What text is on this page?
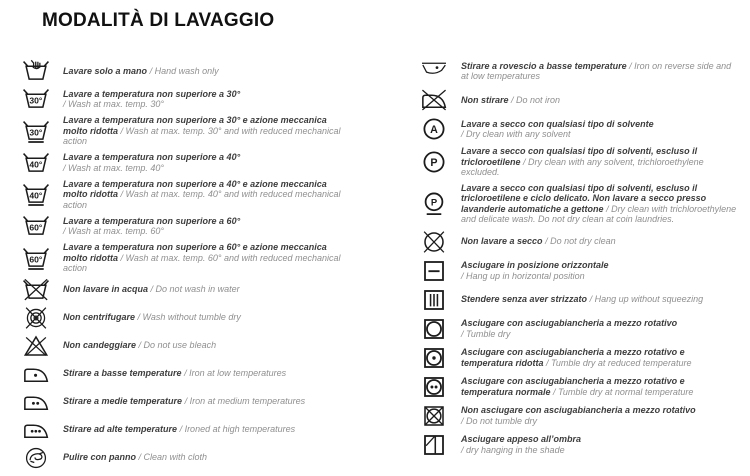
MODALITÀ DI LAVAGGIO

Lavare solo a mano / Hand wash only

Lavare a temperatura non superiore a 30°
/ Wash at max. temp. 30°

Lavare a temperatura non superiore a 30° e azione meccanica molto ridotta / Wash at max. temp. 30° and with reduced mechanical action

Lavare a temperatura non superiore a 40°
/ Wash at max. temp. 40°

Lavare a temperatura non superiore a 40° e azione meccanica molto ridotta / Wash at max. temp. 40° and with reduced mechanical action

Lavare a temperatura non superiore a 60°
/ Wash at max. temp. 60°

Lavare a temperatura non superiore a 60° e azione meccanica molto ridotta / Wash at max. temp. 60° and with reduced mechanical action

Non lavare in acqua / Do not wash in water

Non centrifugare / Wash without tumble dry

Non candeggiare / Do not use bleach

Stirare a basse temperature / Iron at low temperatures

Stirare a medie temperature / Iron at medium temperatures

Stirare ad alte temperature / Ironed at high temperatures

Pulire con panno / Clean with cloth

Stirare a rovescio a basse temperature / Iron on reverse side and at low temperatures

Non stirare / Do not iron

Lavare a secco con qualsiasi tipo di solvente
/ Dry clean with any solvent

Lavare a secco con qualsiasi tipo di solventi, escluso il tricloroetilene / Dry clean with any solvent, trichloroethylene excluded.

Lavare a secco con qualsiasi tipo di solventi, escluso il tricloroetilene e ciclo delicato. Non lavare a secco presso lavanderie automatiche a gettone / Dry clean with trichloroethylene and delicate wash. Do not dry clean at coin laundries.

Non lavare a secco / Do not dry clean

Asciugare in posizione orizzontale
/ Hang up in horizontal position

Stendere senza aver strizzato / Hang up without squeezing

Asciugare con asciugabiancheria a mezzo rotativo
/ Tumble dry

Asciugare con asciugabiancheria a mezzo rotativo e temperatura ridotta / Tumble dry at reduced temperature

Asciugare con asciugabiancheria a mezzo rotativo e temperatura normale / Tumble dry at normal temperature

Non asciugare con asciugabiancheria a mezzo rotativo
/ Do not tumble dry

Asciugare appeso all’ombra
/ dry hanging in the shade
